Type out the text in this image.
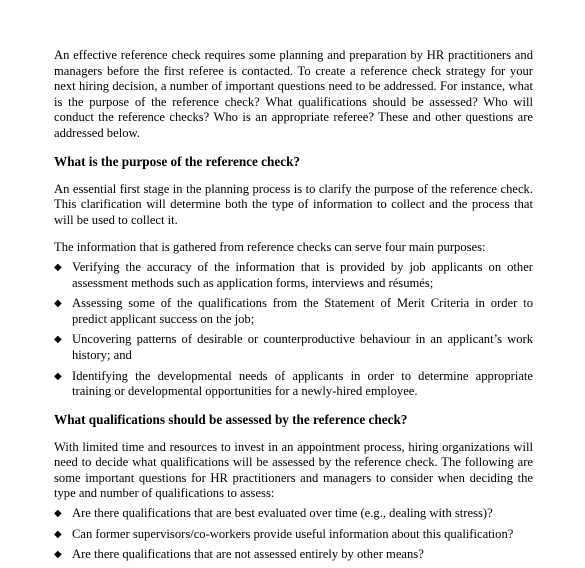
An effective reference check requires some planning and preparation by HR practitioners and managers before the first referee is contacted. To create a reference check strategy for your next hiring decision, a number of important questions need to be addressed. For instance, what is the purpose of the reference check? What qualifications should be assessed? Who will conduct the reference checks? Who is an appropriate referee? These and other questions are addressed below.

What is the purpose of the reference check?

An essential first stage in the planning process is to clarify the purpose of the reference check. This clarification will determine both the type of information to collect and the process that will be used to collect it.

The information that is gathered from reference checks can serve four main purposes:

◆ Verifying the accuracy of the information that is provided by job applicants on other assessment methods such as application forms, interviews and résumés;
◆ Assessing some of the qualifications from the Statement of Merit Criteria in order to predict applicant success on the job;
◆ Uncovering patterns of desirable or counterproductive behaviour in an applicant’s work history; and
◆ Identifying the developmental needs of applicants in order to determine appropriate training or developmental opportunities for a newly-hired employee.
What qualifications should be assessed by the reference check?

With limited time and resources to invest in an appointment process, hiring organizations will need to decide what qualifications will be assessed by the reference check. The following are some important questions for HR practitioners and managers to consider when deciding the type and number of qualifications to assess:

◆ Are there qualifications that are best evaluated over time (e.g., dealing with stress)?
◆ Can former supervisors/co-workers provide useful information about this qualification?
◆ Are there qualifications that are not assessed entirely by other means?
